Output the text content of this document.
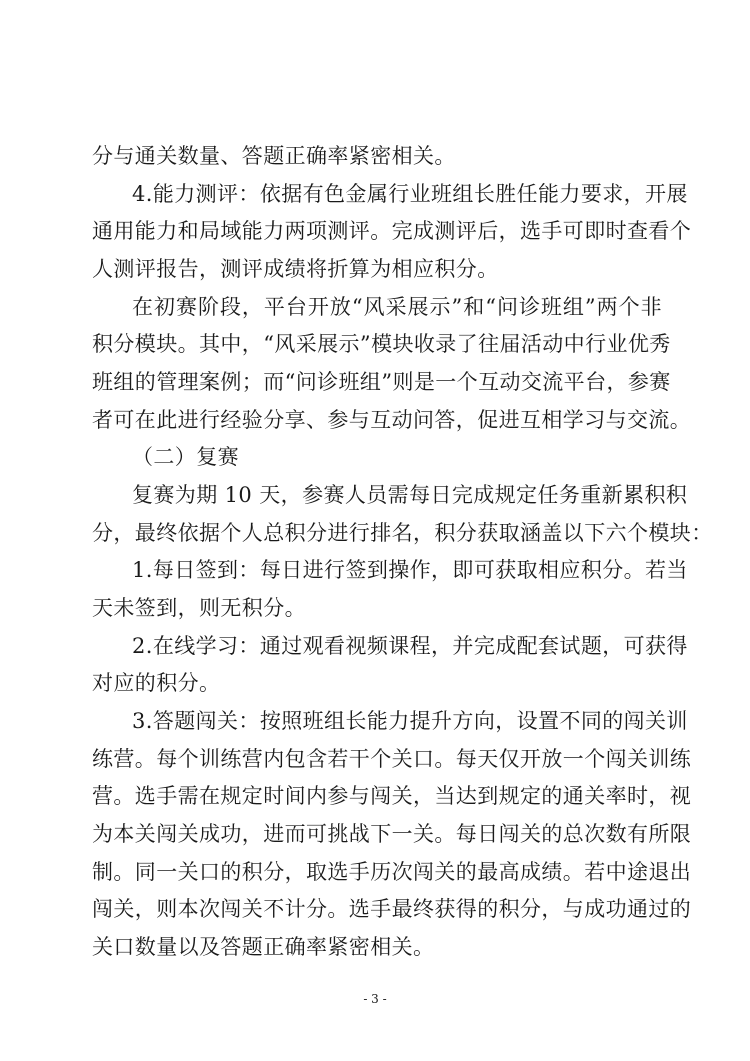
分与通关数量、答题正确率紧密相关。
4.能力测评：依据有色金属行业班组长胜任能力要求，开展
通用能力和局域能力两项测评。完成测评后，选手可即时查看个
人测评报告，测评成绩将折算为相应积分。
在初赛阶段，平台开放“风采展示”和“问诊班组”两个非
积分模块。其中，“风采展示”模块收录了往届活动中行业优秀
班组的管理案例；而“问诊班组”则是一个互动交流平台，参赛
者可在此进行经验分享、参与互动问答，促进互相学习与交流。
（二）复赛
复赛为期 10 天，参赛人员需每日完成规定任务重新累积积
分，最终依据个人总积分进行排名，积分获取涵盖以下六个模块：
1.每日签到：每日进行签到操作，即可获取相应积分。若当
天未签到，则无积分。
2.在线学习：通过观看视频课程，并完成配套试题，可获得
对应的积分。
3.答题闯关：按照班组长能力提升方向，设置不同的闯关训
练营。每个训练营内包含若干个关口。每天仅开放一个闯关训练
营。选手需在规定时间内参与闯关，当达到规定的通关率时，视
为本关闯关成功，进而可挑战下一关。每日闯关的总次数有所限
制。同一关口的积分，取选手历次闯关的最高成绩。若中途退出
闯关，则本次闯关不计分。选手最终获得的积分，与成功通过的
关口数量以及答题正确率紧密相关。
- 3 -
